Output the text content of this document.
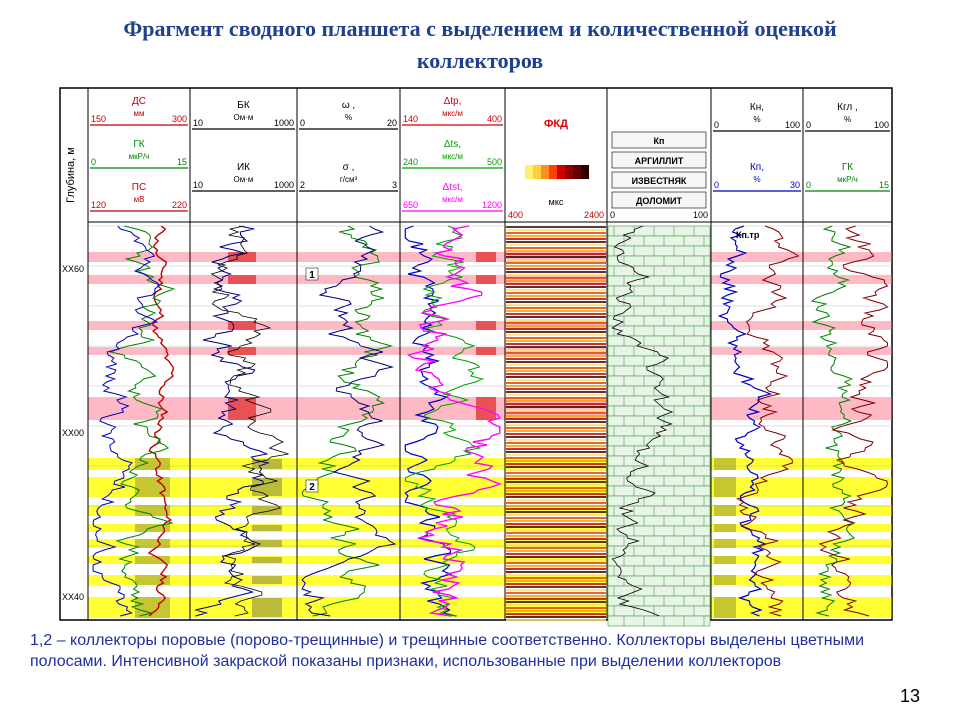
Фрагмент сводного планшета с выделением и количественной оценкой
коллекторов
ДС
мм
150	300
ГК
мкР/ч
0	15
ПС
мВ
120	220
БК
Ом·м
10	1000
ИК
Ом·м
10	1000
ω ,
%
0	20
σ ,
г/см³
2	3
Δtp,
мкс/м
140	400
Δts,
мкс/м
240	500
Δtst,
мкс/м
650	1200
ФКД
мкс
400	2400
Кп
АРГИЛЛИТ
ИЗВЕСТНЯК
ДОЛОМИТ
0	100
Кн,
%
0	100
Кп,
%
0	30
Кгл ,
%
0	100
ГК
мкР/ч
0	15
Кп.тр
Глубина, м
XX60
XX00
XX40
1
2
1,2 – коллекторы поровые (порово-трещинные) и трещинные соответственно. Коллекторы выделены цветными полосами. Интенсивной закраской показаны признаки, использованные при выделении коллекторов
13
